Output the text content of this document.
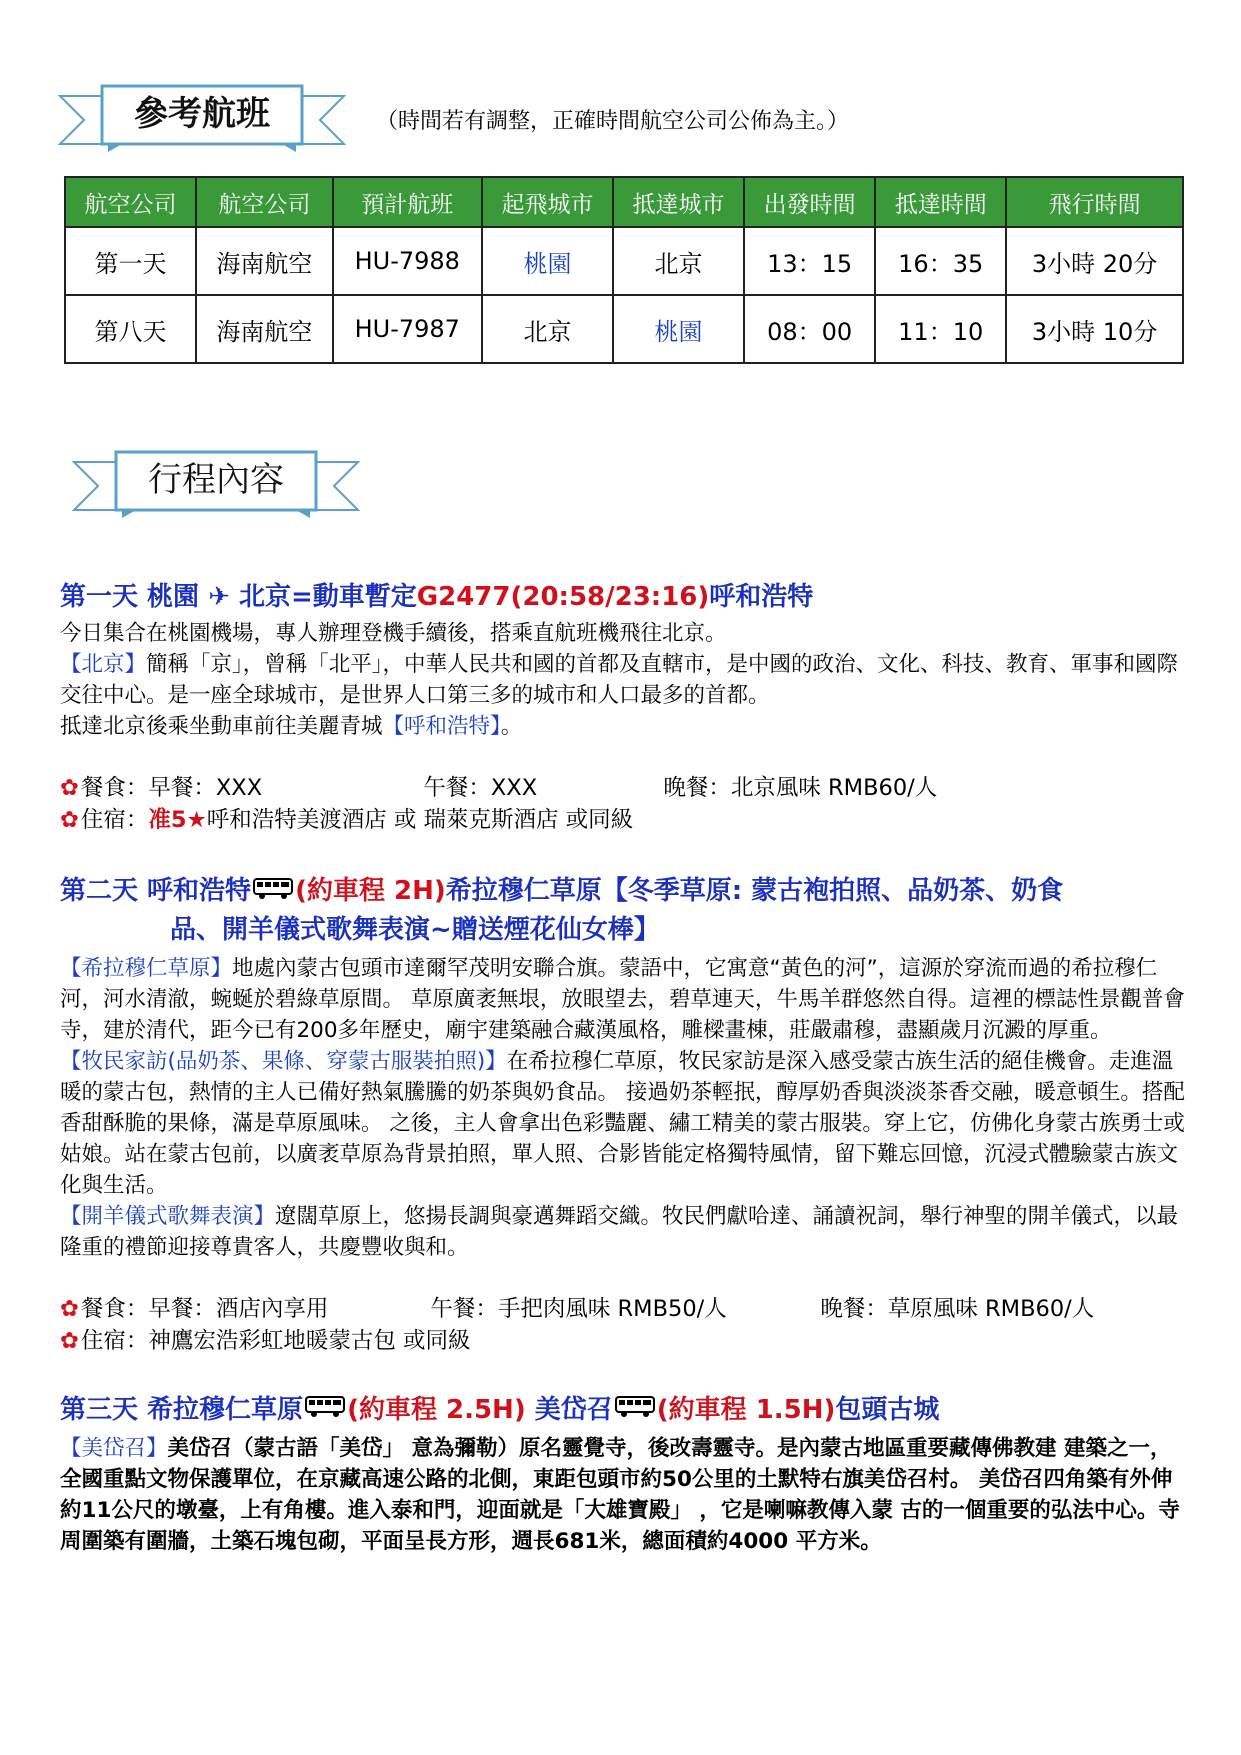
參考航班	（時間若有調整，正確時間航空公司公佈為主。）
航空公司	航空公司	預計航班	起飛城市	抵達城市	出發時間	抵達時間	飛行時間
第一天	海南航空	HU-7988	桃園	北京	13：15	16：35	3小時 20分
第八天	海南航空	HU-7987	北京	桃園	08：00	11：10	3小時 10分
行程內容
第一天 桃園 ✈ 北京=動車暫定G2477(20:58/23:16)呼和浩特

今日集合在桃園機場，專人辦理登機手續後，搭乘直航班機飛往北京。

【北京】簡稱「京」，曾稱「北平」，中華人民共和國的首都及直轄市，是中國的政治、文化、科技、教育、軍事和國際交往中心。是一座全球城市，是世界人口第三多的城市和人口最多的首都。

抵達北京後乘坐動車前往美麗青城【呼和浩特】。

✿餐食：早餐：XXX	午餐：XXX	晚餐：北京風味 RMB60/人

✿住宿：准5★呼和浩特美渡酒店 或 瑞萊克斯酒店 或同級

第二天 呼和浩特 (約車程 2H)希拉穆仁草原【冬季草原: 蒙古袍拍照、品奶茶、奶食
品、開羊儀式歌舞表演~贈送煙花仙女棒】

【希拉穆仁草原】地處內蒙古包頭市達爾罕茂明安聯合旗。蒙語中，它寓意“黃色的河”，這源於穿流而過的希拉穆仁河，河水清澈，蜿蜒於碧綠草原間。 草原廣袤無垠，放眼望去，碧草連天，牛馬羊群悠然自得。這裡的標誌性景觀普會寺，建於清代，距今已有200多年歷史，廟宇建築融合藏漢風格，雕樑畫棟，莊嚴肅穆，盡顯歲月沉澱的厚重。

【牧民家訪(品奶茶、果條、穿蒙古服裝拍照)】在希拉穆仁草原，牧民家訪是深入感受蒙古族生活的絕佳機會。走進溫暖的蒙古包，熱情的主人已備好熱氣騰騰的奶茶與奶食品。 接過奶茶輕抿，醇厚奶香與淡淡茶香交融，暖意頓生。搭配香甜酥脆的果條，滿是草原風味。 之後，主人會拿出色彩豔麗、繡工精美的蒙古服裝。穿上它，仿佛化身蒙古族勇士或姑娘。站在蒙古包前，以廣袤草原為背景拍照，單人照、合影皆能定格獨特風情，留下難忘回憶，沉浸式體驗蒙古族文化與生活。

【開羊儀式歌舞表演】遼闊草原上，悠揚長調與豪邁舞蹈交織。牧民們獻哈達、誦讀祝詞，舉行神聖的開羊儀式，以最隆重的禮節迎接尊貴客人，共慶豐收與和。

✿餐食：早餐：酒店內享用	午餐：手把肉風味 RMB50/人	晚餐：草原風味 RMB60/人

✿住宿：神鷹宏浩彩虹地暖蒙古包 或同級

第三天 希拉穆仁草原 (約車程 2.5H) 美岱召 (約車程 1.5H)包頭古城

【美岱召】美岱召（蒙古語「美岱」 意為彌勒）原名靈覺寺，後改壽靈寺。是內蒙古地區重要藏傳佛教建 建築之一，全國重點文物保護單位，在京藏高速公路的北側，東距包頭市約50公里的土默特右旗美岱召村。 美岱召四角築有外伸約11公尺的墩臺，上有角樓。進入泰和門，迎面就是「大雄寶殿」 ，它是喇嘛教傳入蒙 古的一個重要的弘法中心。寺周圍築有圍牆，土築石塊包砌，平面呈長方形，週長681米，總面積約4000 平方米。
